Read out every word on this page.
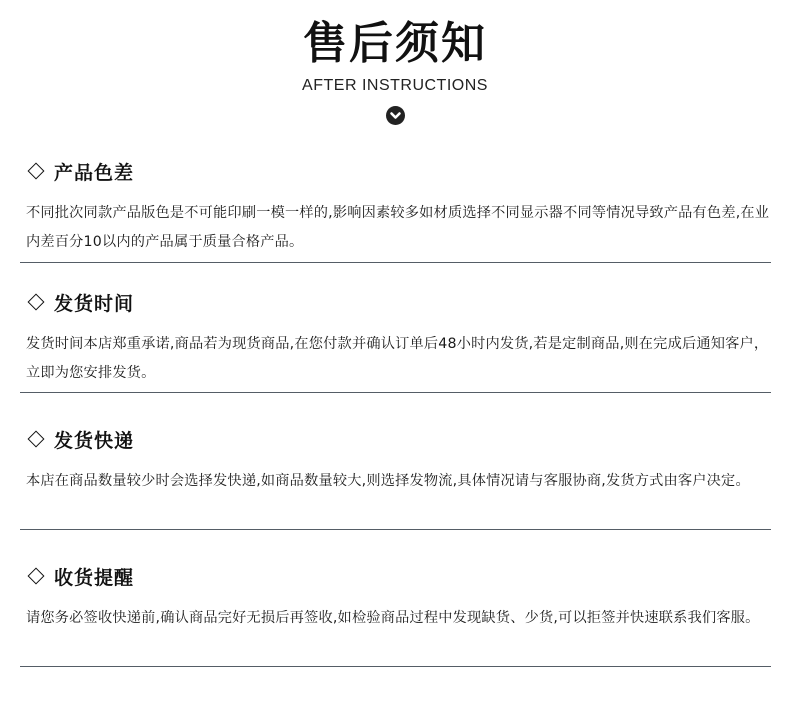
售后须知
AFTER INSTRUCTIONS
产品色差
不同批次同款产品版色是不可能印刷一模一样的,影响因素较多如材质选择不同显示器不同等情况导致产品有色差,在业内差百分10以内的产品属于质量合格产品。
发货时间
发货时间本店郑重承诺,商品若为现货商品,在您付款并确认订单后48小时内发货,若是定制商品,则在完成后通知客户，立即为您安排发货。
发货快递
本店在商品数量较少时会选择发快递,如商品数量较大,则选择发物流,具体情况请与客服协商,发货方式由客户决定。
收货提醒
请您务必签收快递前,确认商品完好无损后再签收,如检验商品过程中发现缺货、少货,可以拒签并快速联系我们客服。
